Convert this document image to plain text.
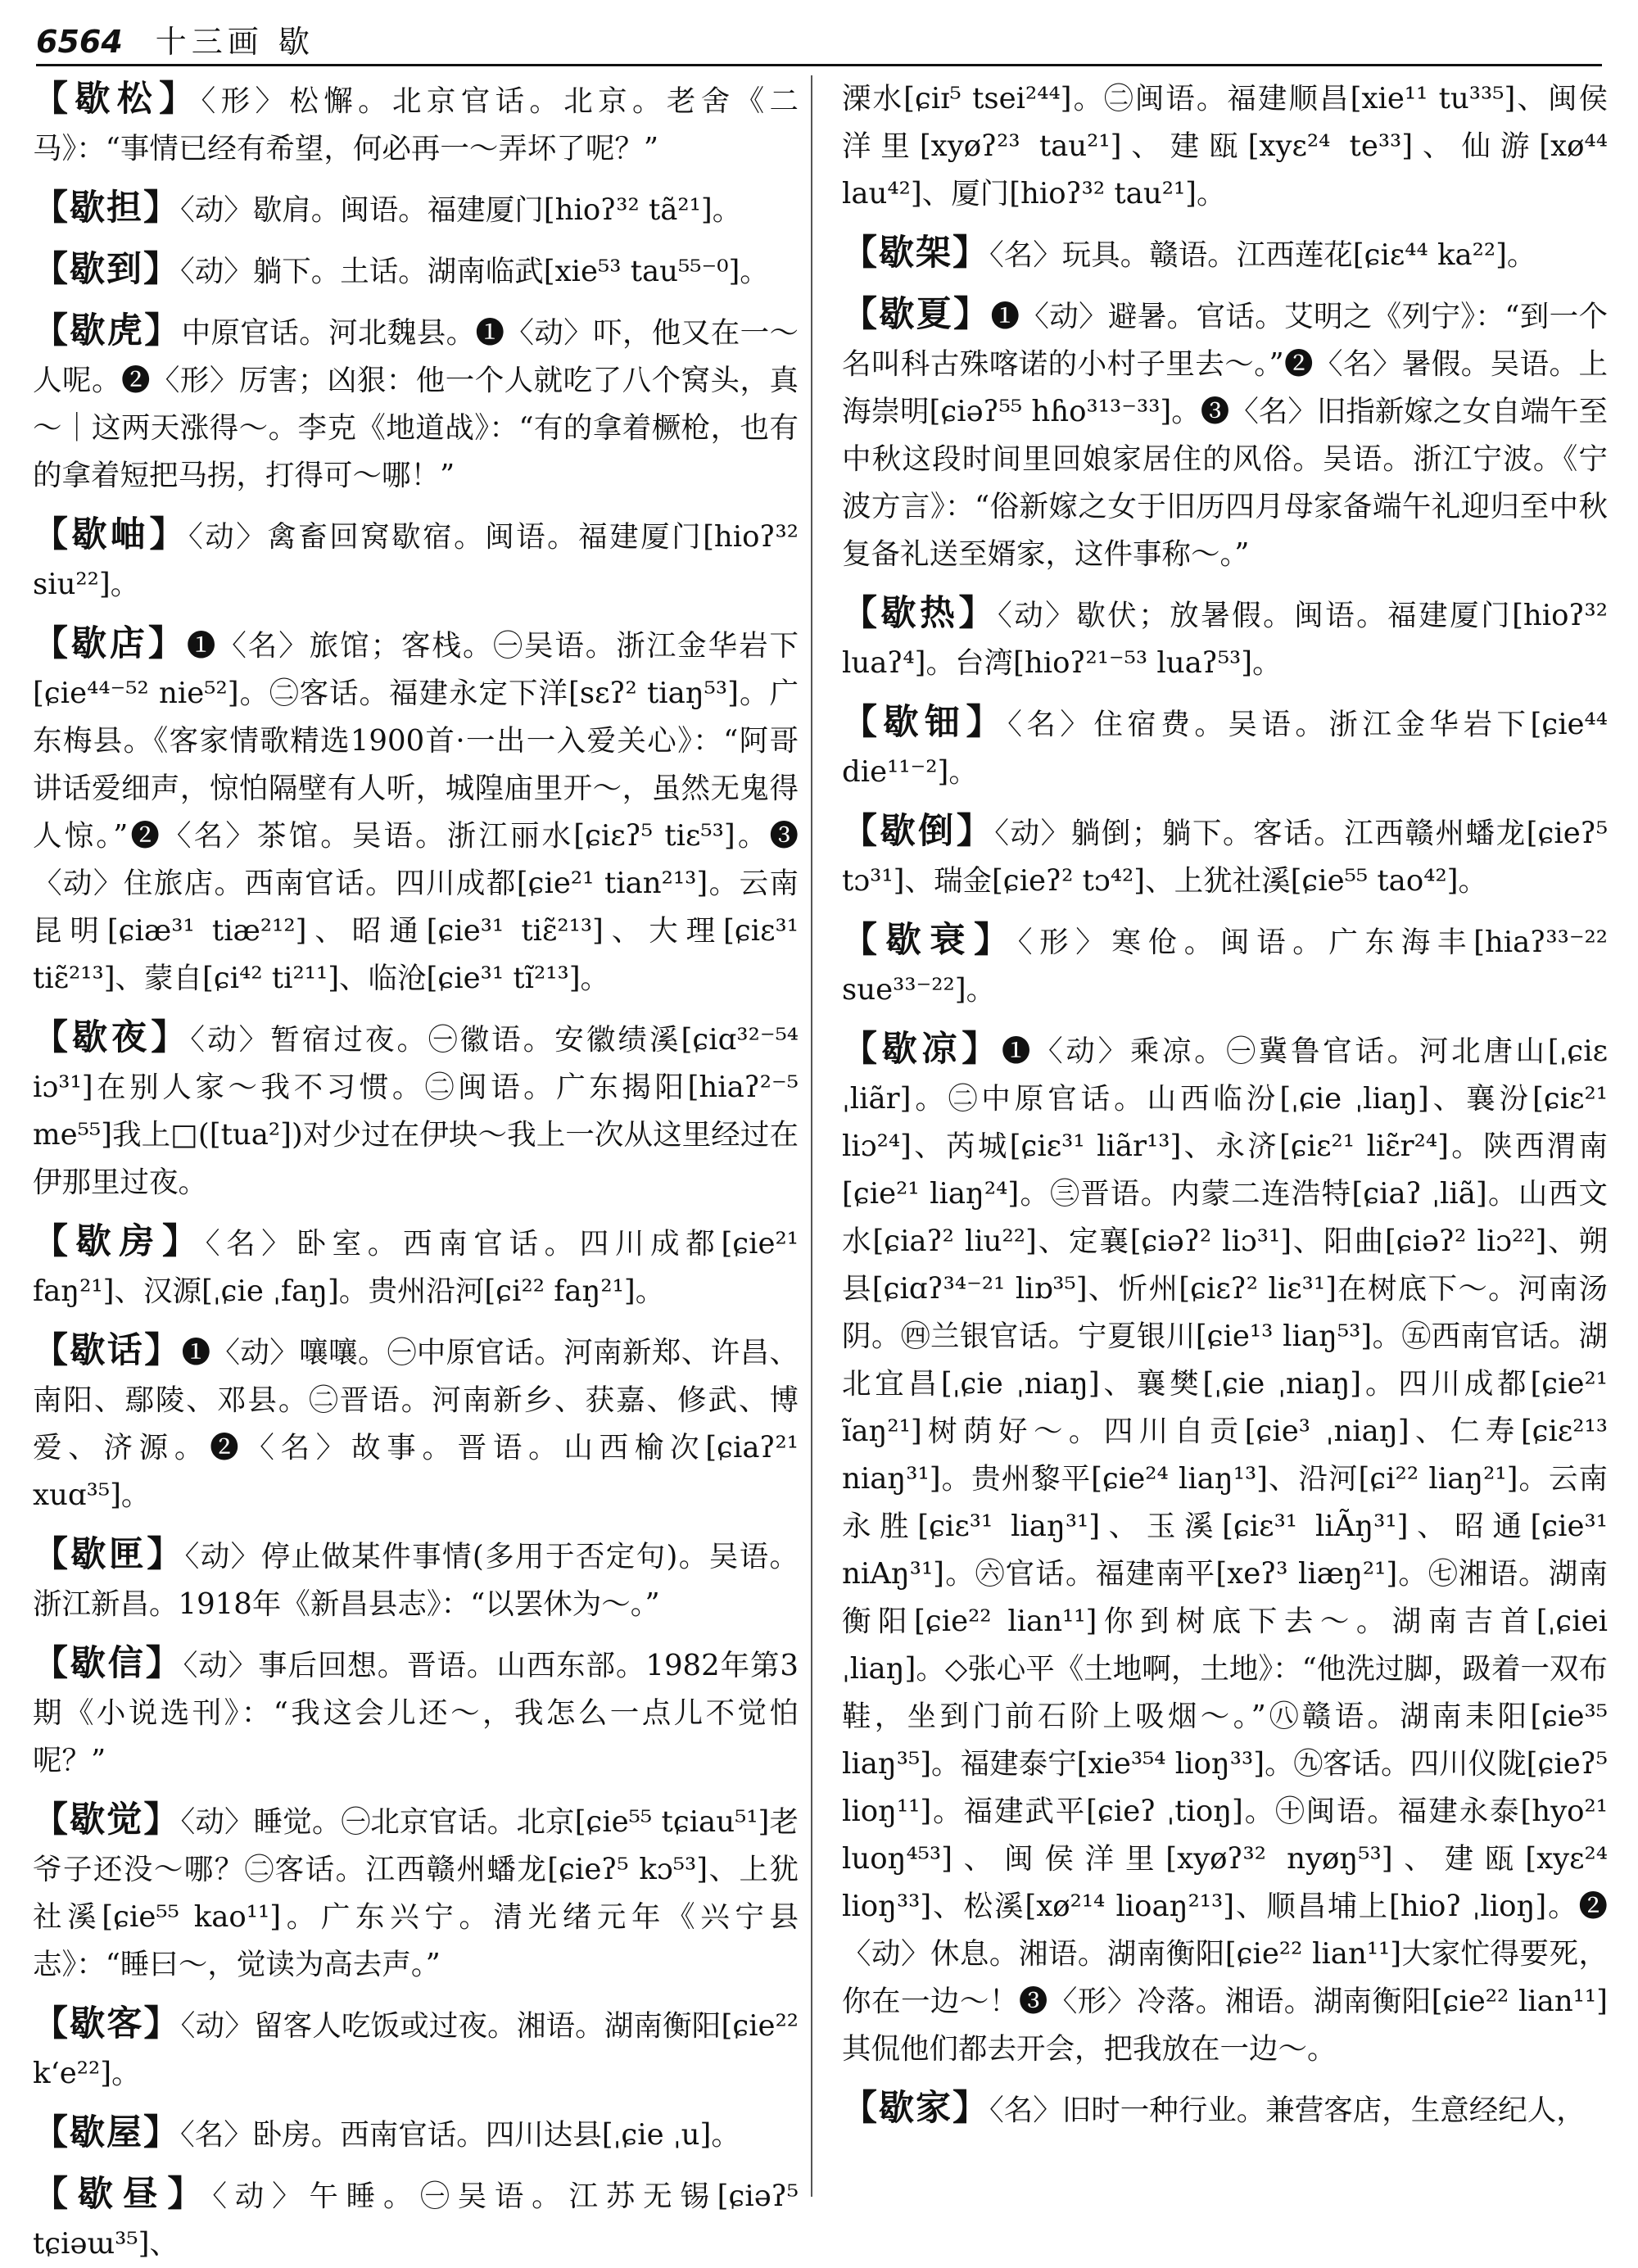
6564 十三画 歇

【 歇松 】 〈形〉松懈。北京官话。北京。老舍《二马》：“事情已经有希望，何必再一～弄坏了呢？”

【 歇担 】 〈动〉歇肩。闽语。福建厦门[hioʔ³² tã²¹]。

【 歇到 】 〈动〉躺下。土话。湖南临武[xie⁵³ tau⁵⁵⁻⁰]。

【 歇虎 】 中原官话。河北魏县。❶〈动〉吓，他又在一～人呢。❷〈形〉厉害；凶狠：他一个人就吃了八个窝头，真～｜这两天涨得～。李克《地道战》：“有的拿着橛枪，也有的拿着短把马拐，打得可～哪！”

【 歇岫 】 〈动〉禽畜回窝歇宿。闽语。福建厦门[hioʔ³² siu²²]。

【 歇店 】 ❶〈名〉旅馆；客栈。㊀吴语。浙江金华岩下[ɕie⁴⁴⁻⁵² nie⁵²]。㊁客话。福建永定下洋[sɛʔ² tiaŋ⁵³]。广东梅县。《客家情歌精选1900首·一出一入爱关心》：“阿哥讲话爱细声，惊怕隔壁有人听，城隍庙里开～，虽然无鬼得人惊。”❷〈名〉茶馆。吴语。浙江丽水[ɕiɛʔ⁵ tiɛ⁵³]。❸〈动〉住旅店。西南官话。四川成都[ɕie²¹ tian²¹³]。云南昆明[ɕiæ³¹ tiæ²¹²]、昭通[ɕie³¹ tiɛ̃²¹³]、大理[ɕiɛ³¹ tiɛ̃²¹³]、蒙自[ɕi⁴² ti²¹¹]、临沧[ɕie³¹ tĩ²¹³]。

【 歇夜 】 〈动〉暂宿过夜。㊀徽语。安徽绩溪[ɕiɑ³²⁻⁵⁴ iɔ³¹]在别人家～我不习惯。㊁闽语。广东揭阳[hiaʔ²⁻⁵ me⁵⁵]我上□([tua²])对少过在伊块～我上一次从这里经过在伊那里过夜。

【 歇房 】 〈名〉卧室。西南官话。四川成都[ɕie²¹ faŋ²¹]、汉源[ˌɕie ˌfaŋ]。贵州沿河[ɕi²² faŋ²¹]。

【 歇话 】 ❶〈动〉嚷嚷。㊀中原官话。河南新郑、许昌、南阳、鄢陵、邓县。㊁晋语。河南新乡、获嘉、修武、博爱、济源。❷〈名〉故事。晋语。山西榆次[ɕiaʔ²¹ xuɑ³⁵]。

【 歇匣 】 〈动〉停止做某件事情(多用于否定句)。吴语。浙江新昌。1918年《新昌县志》：“以罢休为～。”

【 歇信 】 〈动〉事后回想。晋语。山西东部。1982年第3期《小说选刊》：“我这会儿还～，我怎么一点儿不觉怕呢？”

【 歇觉 】 〈动〉睡觉。㊀北京官话。北京[ɕie⁵⁵ tɕiau⁵¹]老爷子还没～哪？㊁客话。江西赣州蟠龙[ɕieʔ⁵ kɔ⁵³]、上犹社溪[ɕie⁵⁵ kao¹¹]。广东兴宁。清光绪元年《兴宁县志》：“睡曰～，觉读为高去声。”

【 歇客 】 〈动〉留客人吃饭或过夜。湘语。湖南衡阳[ɕie²² k‘e²²]。

【 歇屋 】 〈名〉卧房。西南官话。四川达县[ˌɕie ˌu]。

【 歇昼 】 〈动〉午睡。㊀吴语。江苏无锡[ɕiəʔ⁵ tɕiəɯ³⁵]、

溧水[ɕiɪ⁵ tsei²⁴⁴]。㊁闽语。福建顺昌[xie¹¹ tu³³⁵]、闽侯洋里[xyøʔ²³ tau²¹]、建瓯[xyɛ²⁴ te³³]、仙游[xø⁴⁴ lau⁴²]、厦门[hioʔ³² tau²¹]。

【 歇架 】 〈名〉玩具。赣语。江西莲花[ɕiɛ⁴⁴ ka²²]。

【 歇夏 】 ❶〈动〉避暑。官话。艾明之《列宁》：“到一个名叫科古殊喀诺的小村子里去～。”❷〈名〉暑假。吴语。上海崇明[ɕiəʔ⁵⁵ hɦo³¹³⁻³³]。❸〈名〉旧指新嫁之女自端午至中秋这段时间里回娘家居住的风俗。吴语。浙江宁波。《宁波方言》：“俗新嫁之女于旧历四月母家备端午礼迎归至中秋复备礼送至婿家，这件事称～。”

【 歇热 】 〈动〉歇伏；放暑假。闽语。福建厦门[hioʔ³² luaʔ⁴]。台湾[hioʔ²¹⁻⁵³ luaʔ⁵³]。

【 歇钿 】 〈名〉住宿费。吴语。浙江金华岩下[ɕie⁴⁴ die¹¹⁻²]。

【 歇倒 】 〈动〉躺倒；躺下。客话。江西赣州蟠龙[ɕieʔ⁵ tɔ³¹]、瑞金[ɕieʔ² tɔ⁴²]、上犹社溪[ɕie⁵⁵ tao⁴²]。

【 歇衰 】 〈形〉寒伧。闽语。广东海丰[hiaʔ³³⁻²² sue³³⁻²²]。

【 歇凉 】 ❶〈动〉乘凉。㊀冀鲁官话。河北唐山[ˌɕiɛ ˌliãr]。㊁中原官话。山西临汾[ˌɕie ˌliaŋ]、襄汾[ɕiɛ²¹ liɔ²⁴]、芮城[ɕiɛ³¹ liãr¹³]、永济[ɕiɛ²¹ liɛ̃r²⁴]。陕西渭南[ɕie²¹ liaŋ²⁴]。㊂晋语。内蒙二连浩特[ɕiaʔ ˌliã]。山西文水[ɕiaʔ² liu²²]、定襄[ɕiəʔ² liɔ³¹]、阳曲[ɕiəʔ² liɔ²²]、朔县[ɕiɑʔ³⁴⁻²¹ liɒ³⁵]、忻州[ɕiɛʔ² liɛ³¹]在树底下～。河南汤阴。㊃兰银官话。宁夏银川[ɕie¹³ liaŋ⁵³]。㊄西南官话。湖北宜昌[ˌɕie ˌniaŋ]、襄樊[ˌɕie ˌniaŋ]。四川成都[ɕie²¹ ĩaŋ²¹]树荫好～。四川自贡[ɕie³ ˌniaŋ]、仁寿[ɕiɛ²¹³ niaŋ³¹]。贵州黎平[ɕie²⁴ liaŋ¹³]、沿河[ɕi²² liaŋ²¹]。云南永胜[ɕiɛ³¹ liaŋ³¹]、玉溪[ɕiɛ³¹ liÃŋ³¹]、昭通[ɕie³¹ niAŋ³¹]。㊅官话。福建南平[xeʔ³ liæŋ²¹]。㊆湘语。湖南衡阳[ɕie²² lian¹¹]你到树底下去～。湖南吉首[ˌɕiei ˌliaŋ]。◇张心平《土地啊，土地》：“他洗过脚，趿着一双布鞋，坐到门前石阶上吸烟～。”㊇赣语。湖南耒阳[ɕie³⁵ liaŋ³⁵]。福建泰宁[xie³⁵⁴ lioŋ³³]。㊈客话。四川仪陇[ɕieʔ⁵ lioŋ¹¹]。福建武平[ɕieʔ ˌtioŋ]。㊉闽语。福建永泰[hyo²¹ luoŋ⁴⁵³]、闽侯洋里[xyøʔ³² nyøŋ⁵³]、建瓯[xyɛ²⁴ lioŋ³³]、松溪[xø²¹⁴ lioaŋ²¹³]、顺昌埔上[hioʔ ˌlioŋ]。❷〈动〉休息。湘语。湖南衡阳[ɕie²² lian¹¹]大家忙得要死，你在一边～！❸〈形〉冷落。湘语。湖南衡阳[ɕie²² lian¹¹]其侃他们都去开会，把我放在一边～。

【 歇家 】 〈名〉旧时一种行业。兼营客店，生意经纪人，
